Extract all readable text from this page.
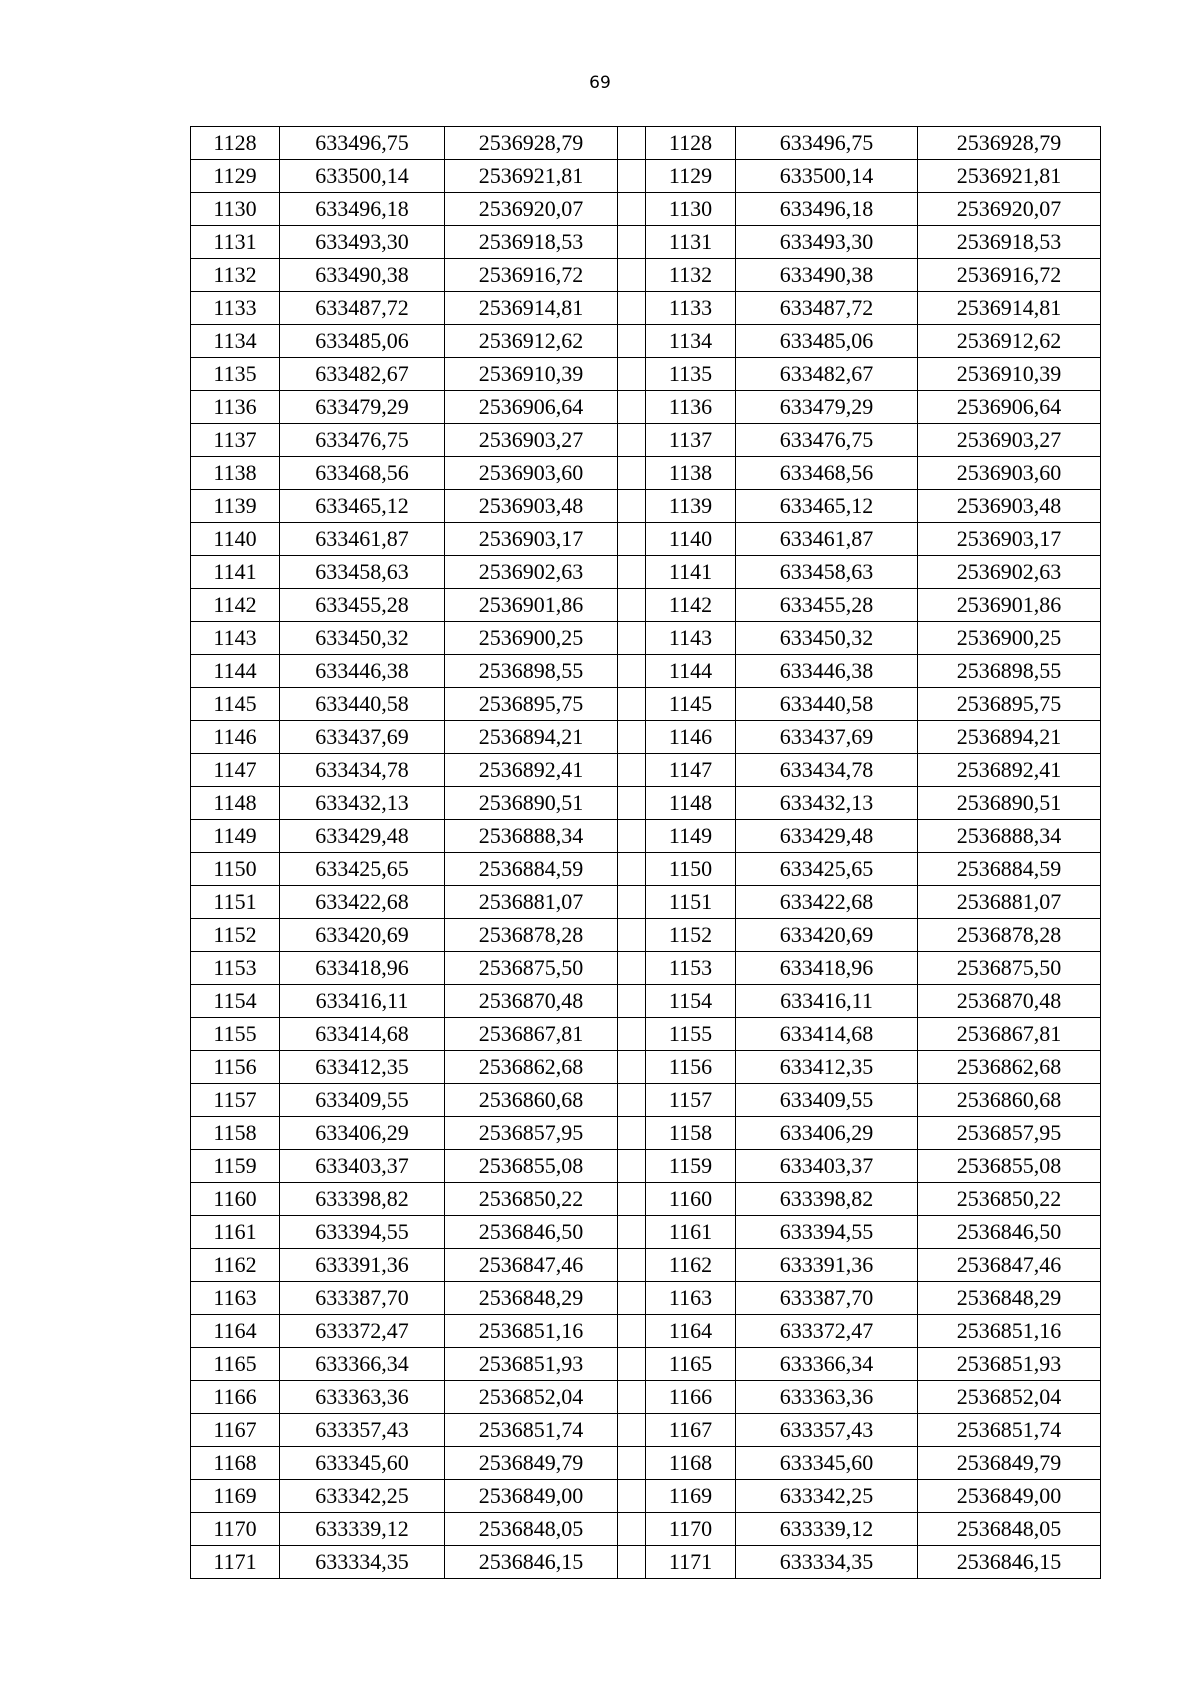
69
1128	633496,75	2536928,79		1128	633496,75	2536928,79
1129	633500,14	2536921,81		1129	633500,14	2536921,81
1130	633496,18	2536920,07		1130	633496,18	2536920,07
1131	633493,30	2536918,53		1131	633493,30	2536918,53
1132	633490,38	2536916,72		1132	633490,38	2536916,72
1133	633487,72	2536914,81		1133	633487,72	2536914,81
1134	633485,06	2536912,62		1134	633485,06	2536912,62
1135	633482,67	2536910,39		1135	633482,67	2536910,39
1136	633479,29	2536906,64		1136	633479,29	2536906,64
1137	633476,75	2536903,27		1137	633476,75	2536903,27
1138	633468,56	2536903,60		1138	633468,56	2536903,60
1139	633465,12	2536903,48		1139	633465,12	2536903,48
1140	633461,87	2536903,17		1140	633461,87	2536903,17
1141	633458,63	2536902,63		1141	633458,63	2536902,63
1142	633455,28	2536901,86		1142	633455,28	2536901,86
1143	633450,32	2536900,25		1143	633450,32	2536900,25
1144	633446,38	2536898,55		1144	633446,38	2536898,55
1145	633440,58	2536895,75		1145	633440,58	2536895,75
1146	633437,69	2536894,21		1146	633437,69	2536894,21
1147	633434,78	2536892,41		1147	633434,78	2536892,41
1148	633432,13	2536890,51		1148	633432,13	2536890,51
1149	633429,48	2536888,34		1149	633429,48	2536888,34
1150	633425,65	2536884,59		1150	633425,65	2536884,59
1151	633422,68	2536881,07		1151	633422,68	2536881,07
1152	633420,69	2536878,28		1152	633420,69	2536878,28
1153	633418,96	2536875,50		1153	633418,96	2536875,50
1154	633416,11	2536870,48		1154	633416,11	2536870,48
1155	633414,68	2536867,81		1155	633414,68	2536867,81
1156	633412,35	2536862,68		1156	633412,35	2536862,68
1157	633409,55	2536860,68		1157	633409,55	2536860,68
1158	633406,29	2536857,95		1158	633406,29	2536857,95
1159	633403,37	2536855,08		1159	633403,37	2536855,08
1160	633398,82	2536850,22		1160	633398,82	2536850,22
1161	633394,55	2536846,50		1161	633394,55	2536846,50
1162	633391,36	2536847,46		1162	633391,36	2536847,46
1163	633387,70	2536848,29		1163	633387,70	2536848,29
1164	633372,47	2536851,16		1164	633372,47	2536851,16
1165	633366,34	2536851,93		1165	633366,34	2536851,93
1166	633363,36	2536852,04		1166	633363,36	2536852,04
1167	633357,43	2536851,74		1167	633357,43	2536851,74
1168	633345,60	2536849,79		1168	633345,60	2536849,79
1169	633342,25	2536849,00		1169	633342,25	2536849,00
1170	633339,12	2536848,05		1170	633339,12	2536848,05
1171	633334,35	2536846,15		1171	633334,35	2536846,15
